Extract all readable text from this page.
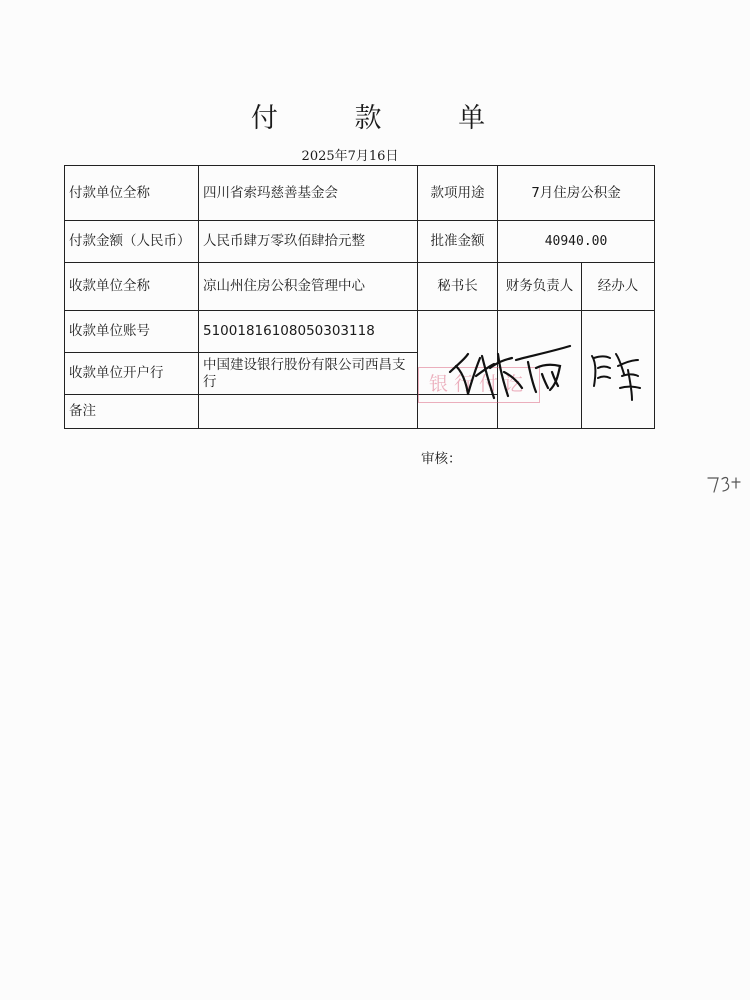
付 款 单
2025年7月16日
付款单位全称	四川省索玛慈善基金会	款项用途	7月住房公积金	
付款金额（人民币）	人民币肆万零玖佰肆拾元整	批准金额	40940.00	
收款单位全称	凉山州住房公积金管理中心	秘书长	财务负责人	经办人
收款单位账号	51001816108050303118			
收款单位开户行	中国建设银行股份有限公司西昌支行			
备注				
银行付讫
审核：
